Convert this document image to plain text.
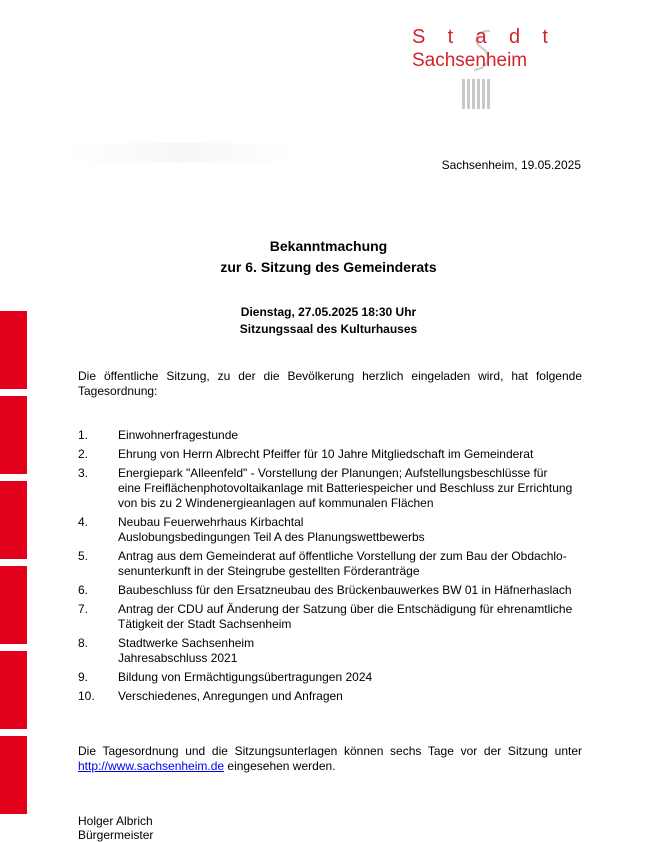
S t a d t
Sachsenheim
Sachsenheim, 19.05.2025
Bekanntmachung
zur 6. Sitzung des Gemeinderats
Dienstag, 27.05.2025 18:30 Uhr
Sitzungssaal des Kulturhauses
Die öffentliche Sitzung, zu der die Bevölkerung herzlich eingeladen wird, hat folgende Tagesordnung:
1.	Einwohnerfragestunde
2.	Ehrung von Herrn Albrecht Pfeiffer für 10 Jahre Mitgliedschaft im Gemeinderat
3.	Energiepark "Alleenfeld" - Vorstellung der Planungen; Aufstellungsbeschlüsse für
eine Freiflächenphotovoltaikanlage mit Batteriespeicher und Beschluss zur Errichtung
von bis zu 2 Windenergieanlagen auf kommunalen Flächen
4.	Neubau Feuerwehrhaus Kirbachtal
Auslobungsbedingungen Teil A des Planungswettbewerbs
5.	Antrag aus dem Gemeinderat auf öffentliche Vorstellung der zum Bau der Obdachlo-
senunterkunft in der Steingrube gestellten Förderanträge
6.	Baubeschluss für den Ersatzneubau des Brückenbauwerkes BW 01 in Häfnerhaslach
7.	Antrag der CDU auf Änderung der Satzung über die Entschädigung für ehrenamtliche
Tätigkeit der Stadt Sachsenheim
8.	Stadtwerke Sachsenheim
Jahresabschluss 2021
9.	Bildung von Ermächtigungsübertragungen 2024
10.	Verschiedenes, Anregungen und Anfragen
Die Tagesordnung und die Sitzungsunterlagen können sechs Tage vor der Sitzung unter http://www.sachsenheim.de eingesehen werden.
Holger Albrich
Bürgermeister
